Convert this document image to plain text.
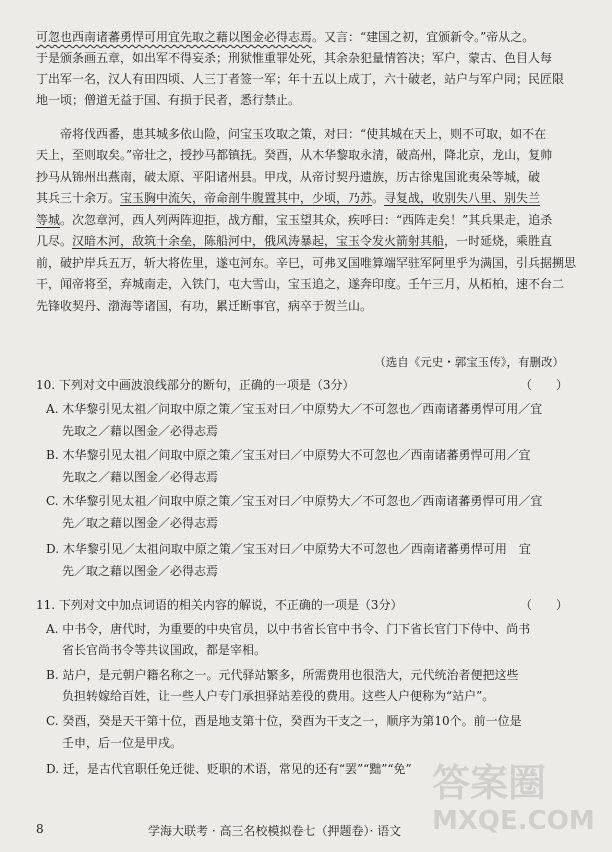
可忽也西南诸蕃勇悍可用宜先取之藉以图金必得志焉。又言：“建国之初，宜颁新令。”帝从之。
于是颁条画五章，如出军不得妄杀；刑狱惟重罪处死，其余杂犯量情笞决；军户，蒙古、色目人每
丁出军一名，汉人有田四顷、人三丁者签一军；年十五以上成丁，六十破老，站户与军户同；民匠限
地一顷；僧道无益于国、有损于民者，悉行禁止。
帝将伐西番，患其城多依山险，问宝玉攻取之策，对曰：“使其城在天上，则不可取，如不在
天上，至则取矣。”帝壮之，授抄马都镇抚。癸酉，从木华黎取永清，破高州，降北京，龙山，复帅
抄马从锦州出燕南，破太原、平阳诸州县。甲戌，从帝讨契丹遗族，历古徐鬼国讹夷朵等城，破
其兵三十余万。宝玉胸中流矢，帝命剖牛腹置其中，少顷，乃苏。寻复战，收别失八里、别失兰
等城。次忽章河，西人列两阵迎拒，战方酣，宝玉望其众，疾呼曰：“西阵走矣！”其兵果走，追杀
几尽。汉暗木河，敌筑十余垒，陈船河中，俄风涛暴起，宝玉令发火箭射其船，一时延烧，乘胜直
前，破护岸兵五万，斩大将佐里，遂屯河东。辛巳，可弗叉国唯算端罕驻军阿里乎为满国，引兵据搠思
干，闻帝将至，弃城南走，入铁门，屯大雪山，宝玉追之，遂奔印度。壬午三月，从柘柏，速不台二
先锋收契丹、渤海等诸国，有功，累迁断事官，病卒于贺兰山。
（选自《元史・郭宝玉传》，有删改）
10. 下列对文中画波浪线部分的断句，正确的一项是（3分）	（　　）
A. 木华黎引见太祖／问取中原之策／宝玉对曰／中原势大／不可忽也／西南诸蕃勇悍可用／宜
先取之／藉以图金／必得志焉
B. 木华黎引见太祖／问取中原之策／宝玉对曰／中原势大不可忽也／西南诸蕃勇悍可用／宜
先取之／藉以图金／必得志焉
C. 木华黎引见太祖／问取中原之策／宝玉对曰／中原势大／不可忽也／西南诸蕃勇悍可用／宜
先／取之藉以图金／必得志焉
D. 木华黎引见／太祖问取中原之策／宝玉对曰／中原势大不可忽也／西南诸蕃勇悍可用　宜
先／取之藉以图金／必得志焉
11. 下列对文中加点词语的相关内容的解说，不正确的一项是（3分）	（　　）
A. 中书令，唐代时，为重要的中央官员，以中书省长官中书令、门下省长官门下侍中、尚书
省长官尚书令等共议国政，都是宰相。
B. 站户，是元朝户籍名称之一。元代驿站繁多，所需费用也很浩大，元代统治者便把这些
负担转嫁给百姓，让一些人户专门承担驿站差役的费用。这些人户便称为“站户”。
C. 癸酉，癸是天干第十位，酉是地支第十位，癸酉为干支之一，顺序为第10个。前一位是
壬申，后一位是甲戌。
D. 迁，是古代官职任免迁徙、贬职的术语，常见的还有“罢”“黜”“免” 答案圈
MXQE.COM
8	学海大联考 · 高三名校模拟卷七（押题卷）· 语文
